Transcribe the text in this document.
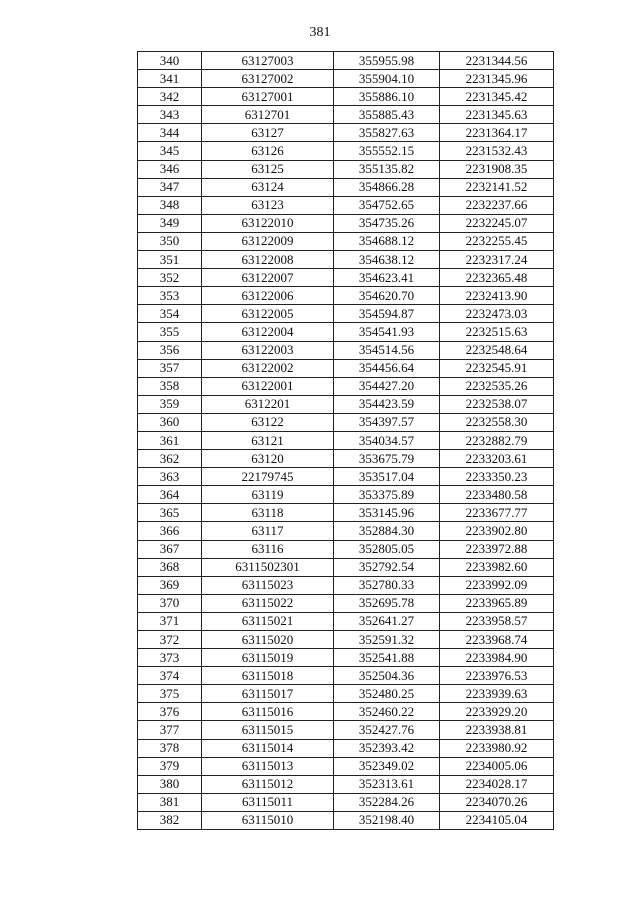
381
340	63127003	355955.98	2231344.56
341	63127002	355904.10	2231345.96
342	63127001	355886.10	2231345.42
343	6312701	355885.43	2231345.63
344	63127	355827.63	2231364.17
345	63126	355552.15	2231532.43
346	63125	355135.82	2231908.35
347	63124	354866.28	2232141.52
348	63123	354752.65	2232237.66
349	63122010	354735.26	2232245.07
350	63122009	354688.12	2232255.45
351	63122008	354638.12	2232317.24
352	63122007	354623.41	2232365.48
353	63122006	354620.70	2232413.90
354	63122005	354594.87	2232473.03
355	63122004	354541.93	2232515.63
356	63122003	354514.56	2232548.64
357	63122002	354456.64	2232545.91
358	63122001	354427.20	2232535.26
359	6312201	354423.59	2232538.07
360	63122	354397.57	2232558.30
361	63121	354034.57	2232882.79
362	63120	353675.79	2233203.61
363	22179745	353517.04	2233350.23
364	63119	353375.89	2233480.58
365	63118	353145.96	2233677.77
366	63117	352884.30	2233902.80
367	63116	352805.05	2233972.88
368	6311502301	352792.54	2233982.60
369	63115023	352780.33	2233992.09
370	63115022	352695.78	2233965.89
371	63115021	352641.27	2233958.57
372	63115020	352591.32	2233968.74
373	63115019	352541.88	2233984.90
374	63115018	352504.36	2233976.53
375	63115017	352480.25	2233939.63
376	63115016	352460.22	2233929.20
377	63115015	352427.76	2233938.81
378	63115014	352393.42	2233980.92
379	63115013	352349.02	2234005.06
380	63115012	352313.61	2234028.17
381	63115011	352284.26	2234070.26
382	63115010	352198.40	2234105.04
